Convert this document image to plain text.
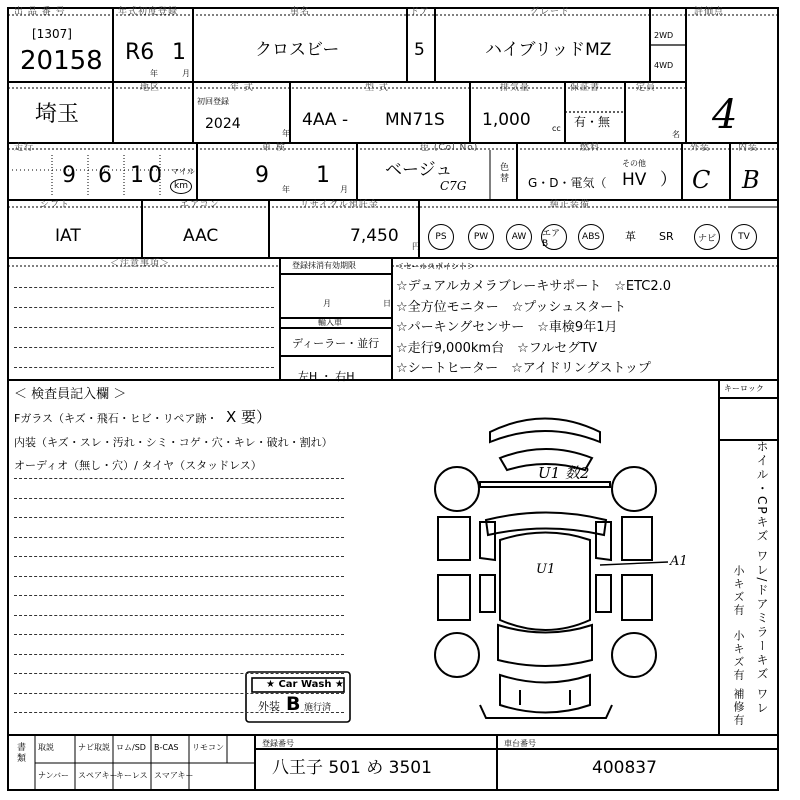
出 品 番 号
[1307]
20158
年式初度登録
R6 1
年	月
車名
クロスビー
ドア
5
グレード
ハイブリッドMZ
2WD
4WD
評価点
4
地区
埼玉
年 式
初回登録
2024
年
型 式
4AA - MN71S
排気量
1,000	cc
保証書
有・無
定員
名
走行
9 6 1 0 マイル
km
車 検
9
年
1
月
色 (Col.No)
ベージュ
C7G
色替
燃料
G・D・電気（
その他
HV ）
外装
C
内装
B
シフト
IAT
エアコン
AAC
リサイクル預託金
7,450
円
純正装備
PS	PW	AW	エアB
ABS	革 SR	ナビ	TV
＜注意事項＞	登録抹消有効期限
月	日
輸入車
ディーラー・並行
左H ・ 右H
＜セールスポイント＞
☆デュアルカメラブレーキサポート　☆ETC2.0
☆全方位モニター　☆プッシュスタート
☆パーキングセンサー　☆車検9年1月
☆走行9,000km台　☆フルセグTV
☆シートヒーター　☆アイドリングストップ
＜ 検査員記入欄 ＞
Fガラス（キズ・飛石・ヒビ・リペア跡・ X 要）
内装（キズ・スレ・汚れ・シミ・コゲ・穴・キレ・破れ・割れ）
オーディオ（無し・穴）/ タイヤ（スタッドレス）	U1 数2
U1
A1
キーロック
ホイル・CPキズ ワレ/ドアミラーキズ ワレ
小キズ有
小キズ有
補修有
★ Car Wash ★
外装 B 施行済
書類 取説	ナビ取説 ロム/SD B-CAS リモコン
ナンバー スペアキー
キーレス スマアキー
登録番号
八王子 501 め 3501
車台番号
400837
